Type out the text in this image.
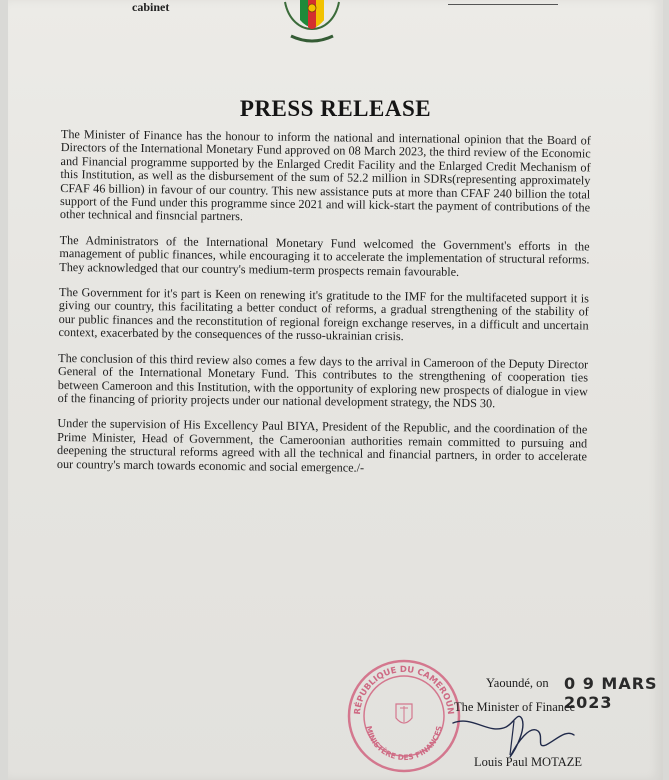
cabinet

PRESS RELEASE

The Minister of Finance has the honour to inform the national and international opinion that the Board of Directors of the International Monetary Fund approved on 08 March 2023, the third review of the Economic and Financial programme supported by the Enlarged Credit Facility and the Enlarged Credit Mechanism of this Institution, as well as the disbursement of the sum of 52.2 million in SDRs(representing approximately CFAF 46 billion) in favour of our country. This new assistance puts at more than CFAF 240 billion the total support of the Fund under this programme since 2021 and will kick-start the payment of contributions of the other technical and finsncial partners.

The Administrators of the International Monetary Fund welcomed the Government's efforts in the management of public finances, while encouraging it to accelerate the implementation of structural reforms. They acknowledged that our country's medium-term prospects remain favourable.

The Government for it's part is Keen on renewing it's gratitude to the IMF for the multifaceted support it is giving our country, this facilitating a better conduct of reforms, a gradual strengthening of the stability of our public finances and the reconstitution of regional foreign exchange reserves, in a difficult and uncertain context, exacerbated by the consequences of the russo-ukrainian crisis.

The conclusion of this third review also comes a few days to the arrival in Cameroon of the Deputy Director General of the International Monetary Fund. This contributes to the strengthening of cooperation ties between Cameroon and this Institution, with the opportunity of exploring new prospects of dialogue in view of the financing of priority projects under our national development strategy, the NDS 30.

Under the supervision of His Excellency Paul BIYA, President of the Republic, and the coordination of the Prime Minister, Head of Government, the Cameroonian authorities remain committed to pursuing and deepening the structural reforms agreed with all the technical and financial partners, in order to accelerate our country's march towards economic and social emergence./-

RÉPUBLIQUE DU CAMEROUN
MINISTÈRE DES FINANCES

Yaoundé, on 0 9 MARS 2023

The Minister of Finance

Louis Paul MOTAZE
